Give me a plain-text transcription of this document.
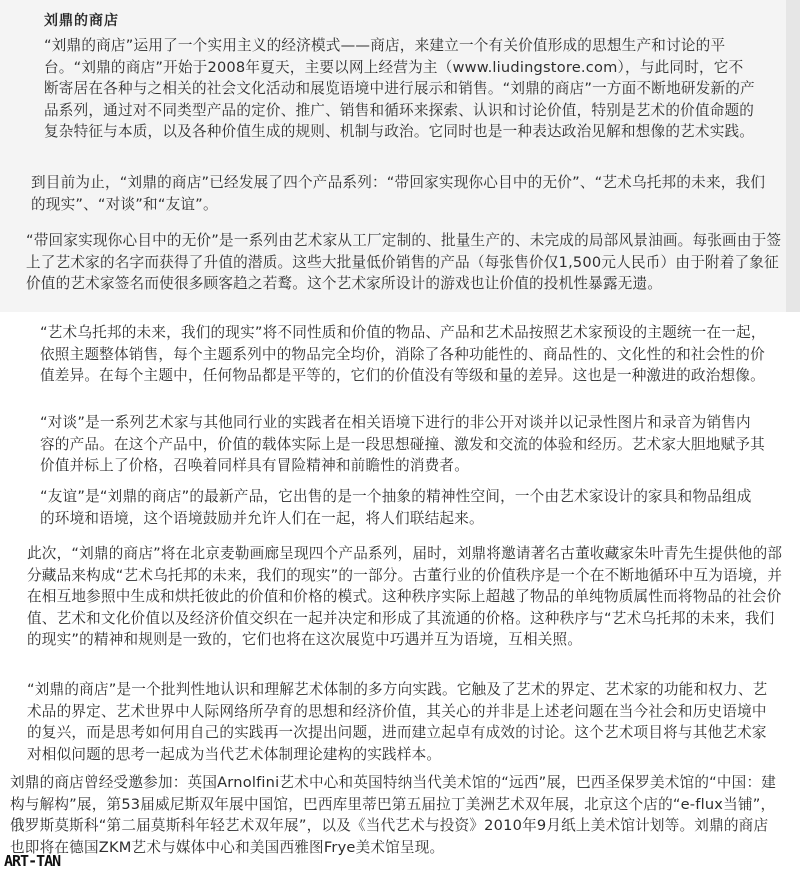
刘鼎的商店

“刘鼎的商店”运用了一个实用主义的经济模式——商店，来建立一个有关价值形成的思想生产和讨论的平台。“刘鼎的商店”开始于2008年夏天，主要以网上经营为主（www.liudingstore.com），与此同时，它不断寄居在各种与之相关的社会文化活动和展览语境中进行展示和销售。“刘鼎的商店”一方面不断地研发新的产品系列，通过对不同类型产品的定价、推广、销售和循环来探索、认识和讨论价值，特别是艺术的价值命题的复杂特征与本质，以及各种价值生成的规则、机制与政治。它同时也是一种表达政治见解和想像的艺术实践。

到目前为止，“刘鼎的商店”已经发展了四个产品系列：“带回家实现你心目中的无价”、“艺术乌托邦的未来，我们的现实”、“对谈”和“友谊”。

“带回家实现你心目中的无价”是一系列由艺术家从工厂定制的、批量生产的、未完成的局部风景油画。每张画由于签上了艺术家的名字而获得了升值的潜质。这些大批量低价销售的产品（每张售价仅1,500元人民币）由于附着了象征价值的艺术家签名而使很多顾客趋之若鹜。这个艺术家所设计的游戏也让价值的投机性暴露无遗。

“艺术乌托邦的未来，我们的现实”将不同性质和价值的物品、产品和艺术品按照艺术家预设的主题统一在一起，依照主题整体销售，每个主题系列中的物品完全均价，消除了各种功能性的、商品性的、文化性的和社会性的价值差异。在每个主题中，任何物品都是平等的，它们的价值没有等级和量的差异。这也是一种激进的政治想像。

“对谈”是一系列艺术家与其他同行业的实践者在相关语境下进行的非公开对谈并以记录性图片和录音为销售内容的产品。在这个产品中，价值的载体实际上是一段思想碰撞、激发和交流的体验和经历。艺术家大胆地赋予其价值并标上了价格，召唤着同样具有冒险精神和前瞻性的消费者。

“友谊”是“刘鼎的商店”的最新产品，它出售的是一个抽象的精神性空间，一个由艺术家设计的家具和物品组成的环境和语境，这个语境鼓励并允许人们在一起，将人们联结起来。

此次，“刘鼎的商店”将在北京麦勒画廊呈现四个产品系列，届时，刘鼎将邀请著名古董收藏家朱叶青先生提供他的部分藏品来构成“艺术乌托邦的未来，我们的现实”的一部分。古董行业的价值秩序是一个在不断地循环中互为语境，并在相互地参照中生成和烘托彼此的价值和价格的模式。这种秩序实际上超越了物品的单纯物质属性而将物品的社会价值、艺术和文化价值以及经济价值交织在一起并决定和形成了其流通的价格。这种秩序与“艺术乌托邦的未来，我们的现实”的精神和规则是一致的，它们也将在这次展览中巧遇并互为语境，互相关照。

“刘鼎的商店”是一个批判性地认识和理解艺术体制的多方向实践。它触及了艺术的界定、艺术家的功能和权力、艺术品的界定、艺术世界中人际网络所孕育的思想和经济价值，其关心的并非是上述老问题在当今社会和历史语境中的复兴，而是思考如何用自己的实践再一次提出问题，进而建立起卓有成效的讨论。这个艺术项目将与其他艺术家对相似问题的思考一起成为当代艺术体制理论建构的实践样本。

刘鼎的商店曾经受邀参加：英国Arnolfini艺术中心和英国特纳当代美术馆的“远西”展，巴西圣保罗美术馆的“中国：建构与解构”展，第53届威尼斯双年展中国馆，巴西库里蒂巴第五届拉丁美洲艺术双年展，北京这个店的“e-flux当铺”，俄罗斯莫斯科“第二届莫斯科年轻艺术双年展”，以及《当代艺术与投资》2010年9月纸上美术馆计划等。刘鼎的商店也即将在德国ZKM艺术与媒体中心和美国西雅图Frye美术馆呈现。

ART-TAN
